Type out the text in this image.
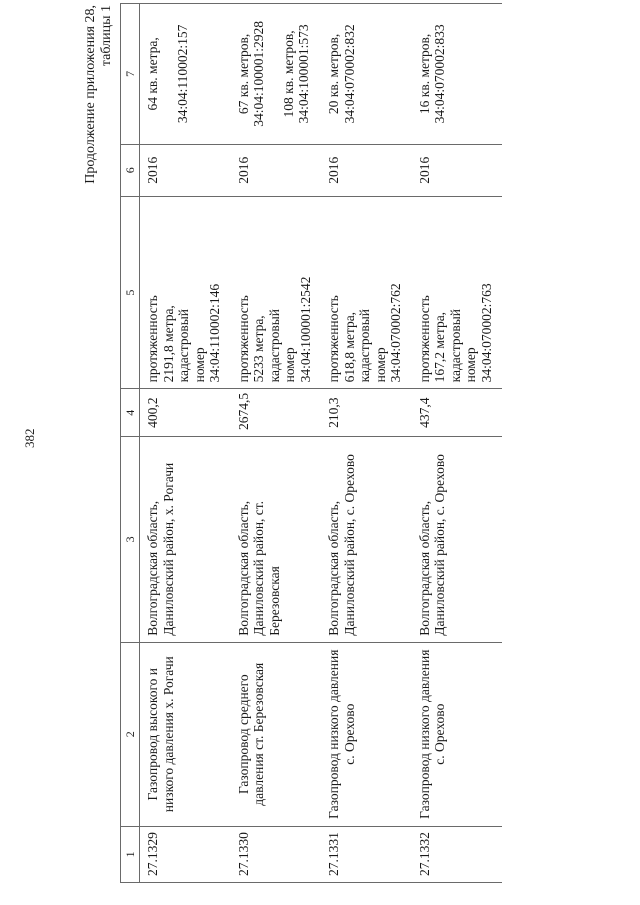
382
Продолжение приложения 28, таблицы 1
1	2	3	4	5	6	7
27.1329	Газопровод высокого и низкого давления х. Рогачи	Волгоградская область, Даниловский район, х. Рогачи	400,2	протяженность 2191,8 метра, кадастровый номер 34:04:110002:146	2016	64 кв. метра, 34:04:110002:157

27.1330	Газопровод среднего давления ст. Березовская	Волгоградская область, Даниловский район, ст. Березовская	2674,5	протяженность 5233 метра, кадастровый номер 34:04:100001:2542	2016	67 кв. метров, 34:04:100001:2928 108 кв. метров, 34:04:100001:573

27.1331	Газопровод низкого давления с. Орехово	Волгоградская область, Даниловский район, с. Орехово	210,3	протяженность 618,8 метра, кадастровый номер 34:04:070002:762	2016	20 кв. метров, 34:04:070002:832

27.1332	Газопровод низкого давления с. Орехово	Волгоградская область, Даниловский район, с. Орехово	437,4	протяженность 167,2 метра, кадастровый номер 34:04:070002:763	2016	16 кв. метров, 34:04:070002:833
